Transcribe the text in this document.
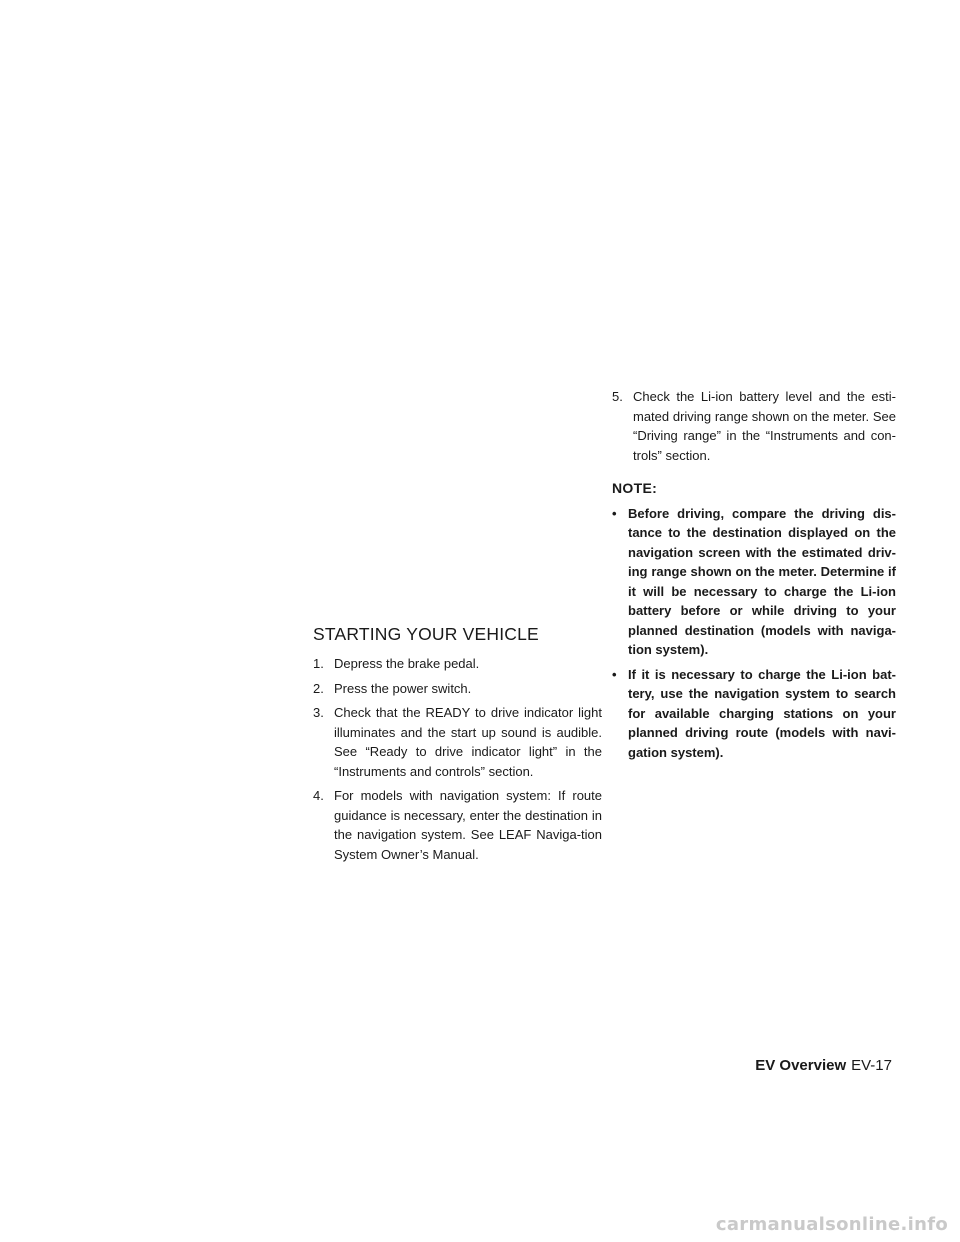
STARTING YOUR VEHICLE
1. Depress the brake pedal.
2. Press the power switch.
3. Check that the READY to drive indicator light illuminates and the start up sound is audible. See “Ready to drive indicator light” in the “Instruments and controls” section.
4. For models with navigation system: If route guidance is necessary, enter the destination in the navigation system. See LEAF Naviga-tion System Owner’s Manual.
5. Check the Li-ion battery level and the esti-mated driving range shown on the meter. See “Driving range” in the “Instruments and con-trols” section.
NOTE:
• Before driving, compare the driving dis-tance to the destination displayed on the navigation screen with the estimated driv-ing range shown on the meter. Determine if it will be necessary to charge the Li-ion battery before or while driving to your planned destination (models with naviga-tion system).
• If it is necessary to charge the Li-ion bat-tery, use the navigation system to search for available charging stations on your planned driving route (models with navi-gation system).
EV Overview EV-17
carmanualsonline.info
